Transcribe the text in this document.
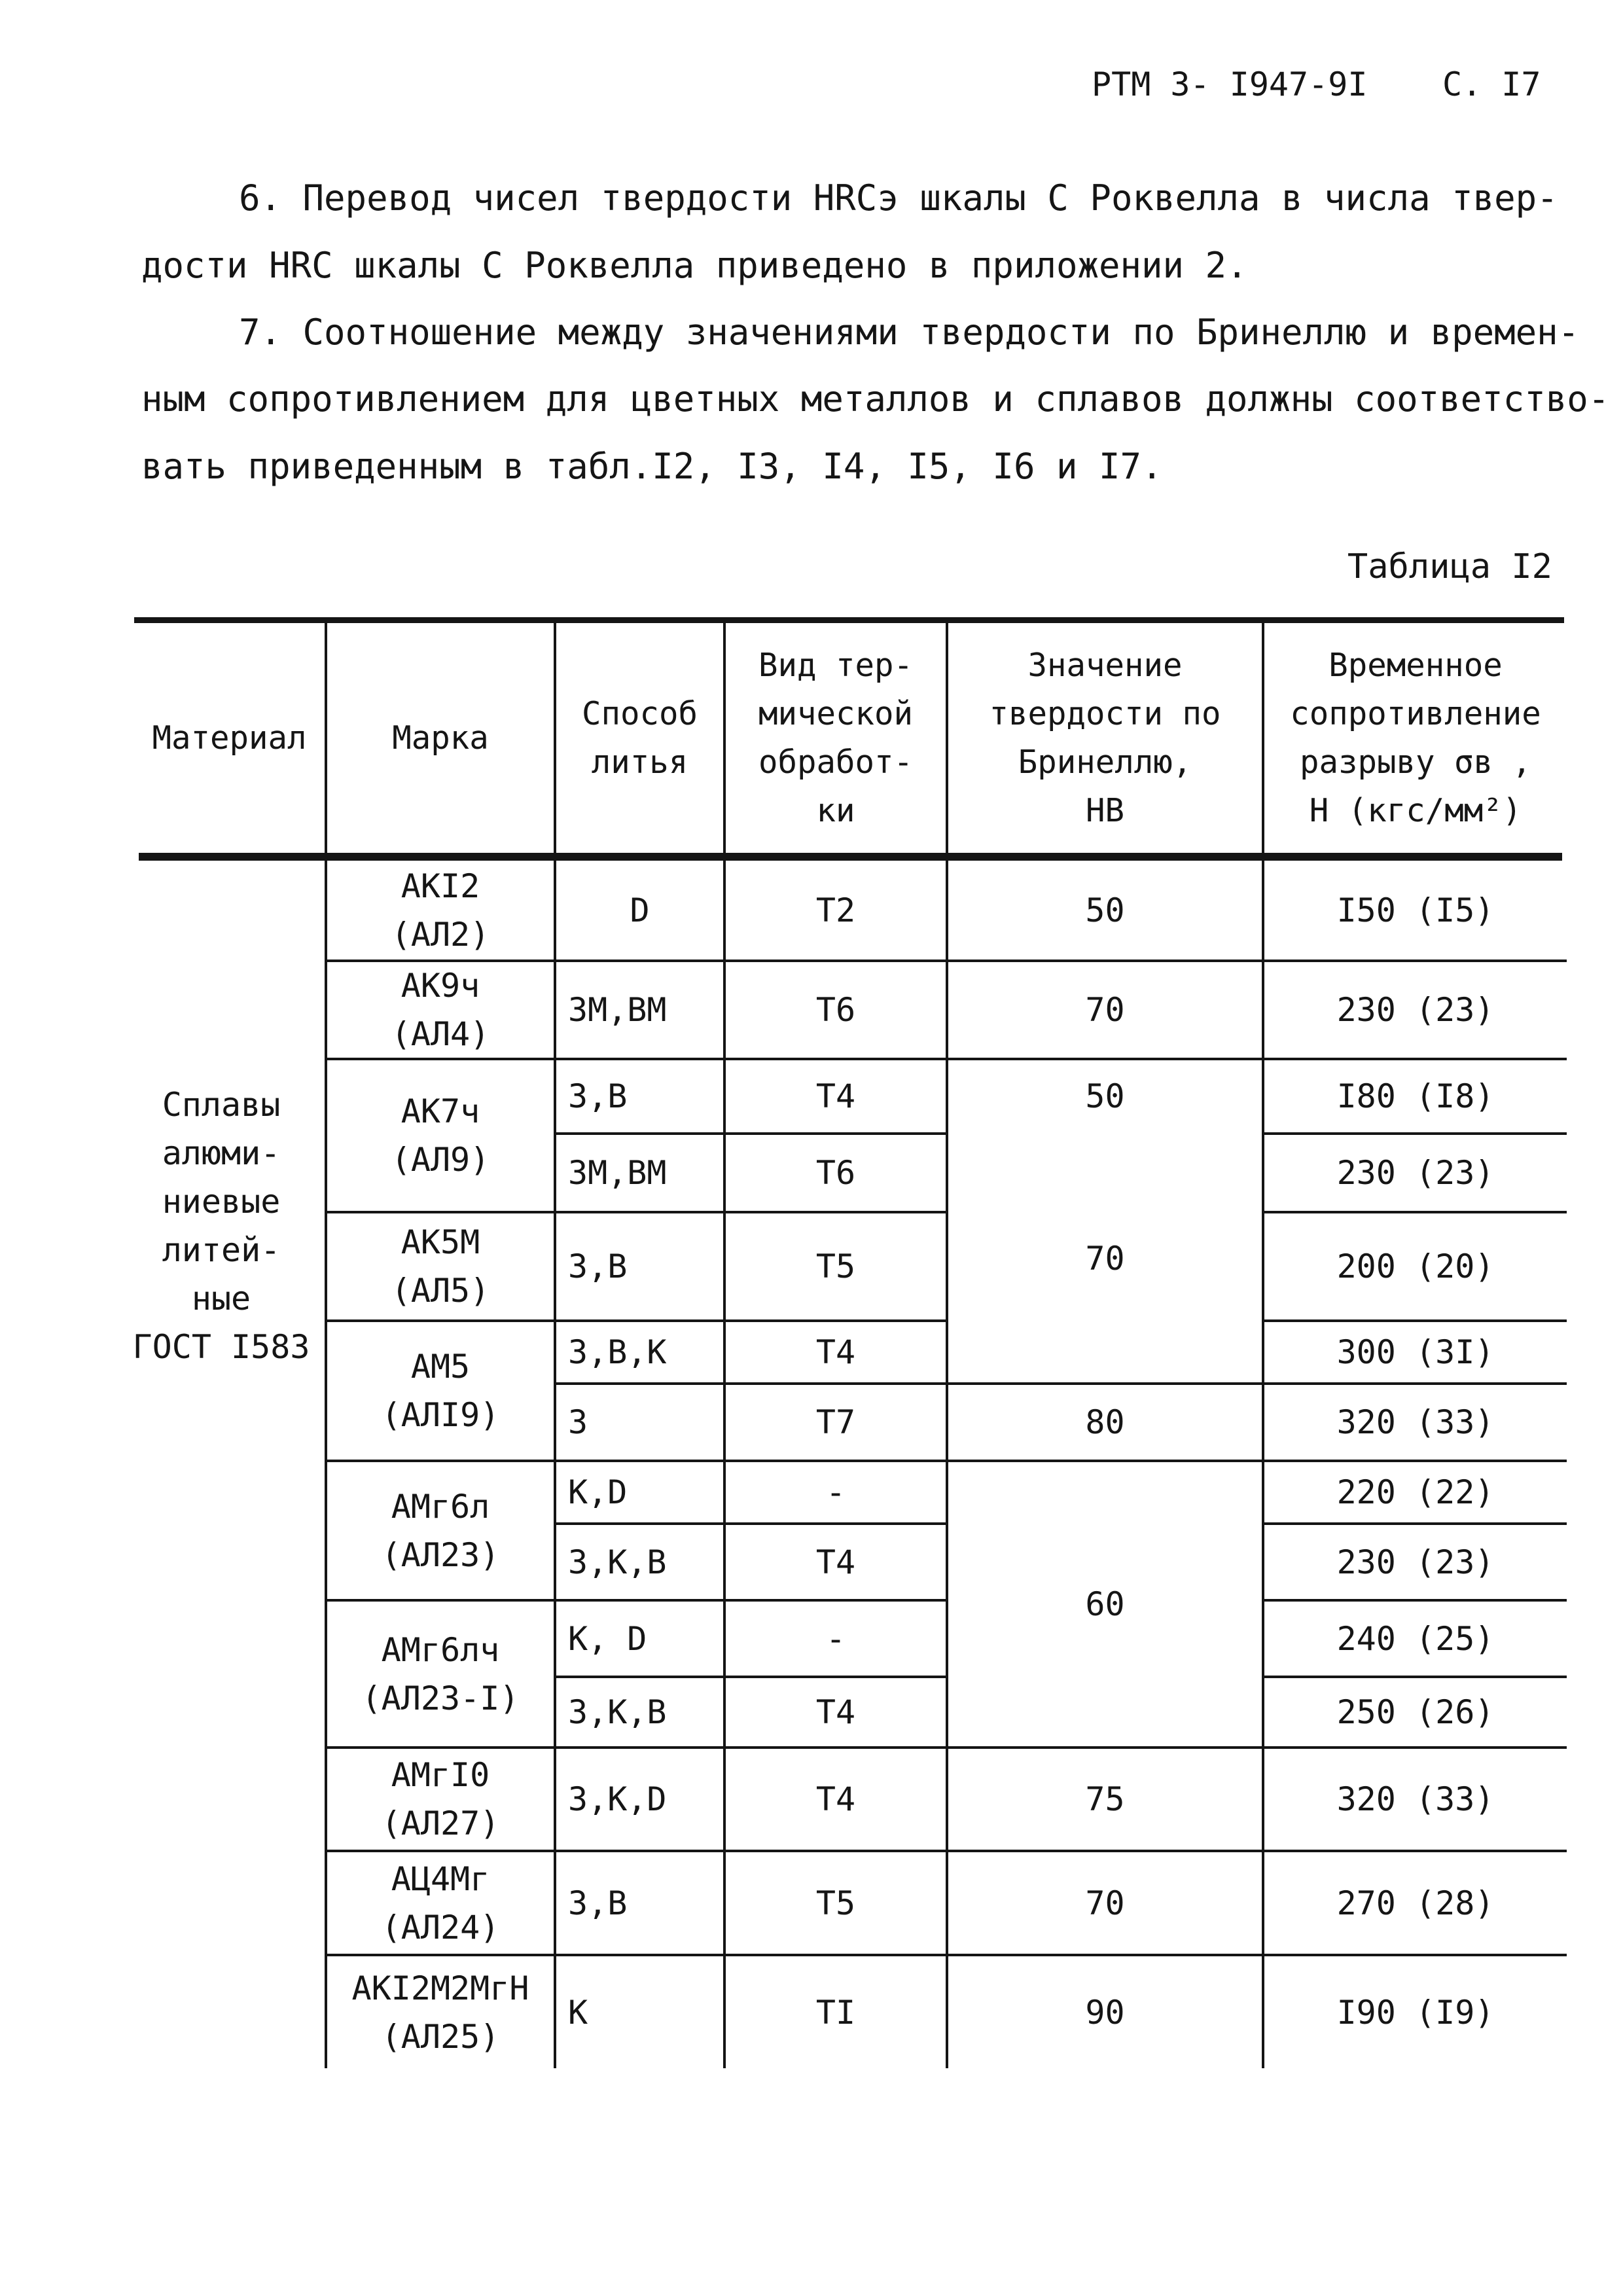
РТМ 3- І947-9І С. І7
6. Перевод чисел твердости HRCэ шкалы С Роквелла в числа твер-
дости HRC шкалы С Роквелла приведено в приложении 2.
7. Соотношение между значениями твердости по Бринеллю и времен-
ным сопротивлением для цветных металлов и сплавов должны соответство-
вать приведенным в табл.І2, І3, І4, І5, І6 и І7.
Таблица І2
Материал	Марка
Способ
литья
Вид тер-
мической
обработ-
ки
Значение
твердости по
Бринеллю,
НВ
Временное
сопротивление
разрыву σв ,
Н (кгс/мм²)
Сплавы
алюми-
ниевые
литей-
ные
ГОСТ І583
АКІ2
(АЛ2)
АК9ч
(АЛ4)
АК7ч
(АЛ9)
АК5М
(АЛ5)
АМ5
(АЛІ9)
АМг6л
(АЛ23)
АМг6лч
(АЛ23-І)
АМгІ0
(АЛ27)
АЦ4Мг
(АЛ24)
АКІ2М2МгН
(АЛ25)
D
ЗМ,ВМ
З,В
ЗМ,ВМ
З,В
З,В,К
З
К,D
З,К,В
К, D
З,К,В
З,К,D
З,В
К
Т2
Т6
Т4
Т6
Т5
Т4
Т7
-
Т4
-
Т4
Т4
Т5
ТІ
50
70
50
70
80
60
75
70
90
І50 (І5)
230 (23)
І80 (І8)
230 (23)
200 (20)
300 (3І)
320 (33)
220 (22)
230 (23)
240 (25)
250 (26)
320 (33)
270 (28)
І90 (І9)
